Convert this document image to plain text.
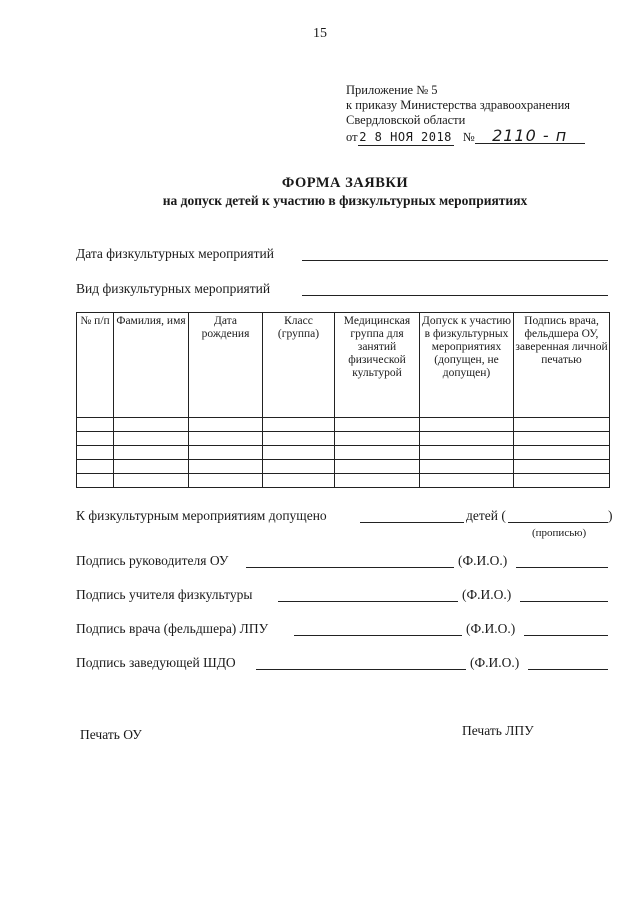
15
Приложение № 5
к приказу Министерства здравоохранения
Свердловской области
от 2 8 НОЯ 2018 № 2110 - п
ФОРМА ЗАЯВКИ
на допуск детей к участию в физкультурных мероприятиях
Дата физкультурных мероприятий
Вид физкультурных мероприятий
№ п/п	Фамилия, имя	Дата рождения	Класс (группа)	Медицинская группа для занятий физической культурой	Допуск к участию в физкультурных мероприятиях (допущен, не допущен)	Подпись врача, фельдшера ОУ, заверенная личной печатью

К физкультурным мероприятиям допущено	детей (	)
(прописью)
Подпись руководителя ОУ	(Ф.И.О.)
Подпись учителя физкультуры	(Ф.И.О.)
Подпись врача (фельдшера) ЛПУ	(Ф.И.О.)
Подпись заведующей ШДО	(Ф.И.О.)
Печать ОУ	Печать ЛПУ
